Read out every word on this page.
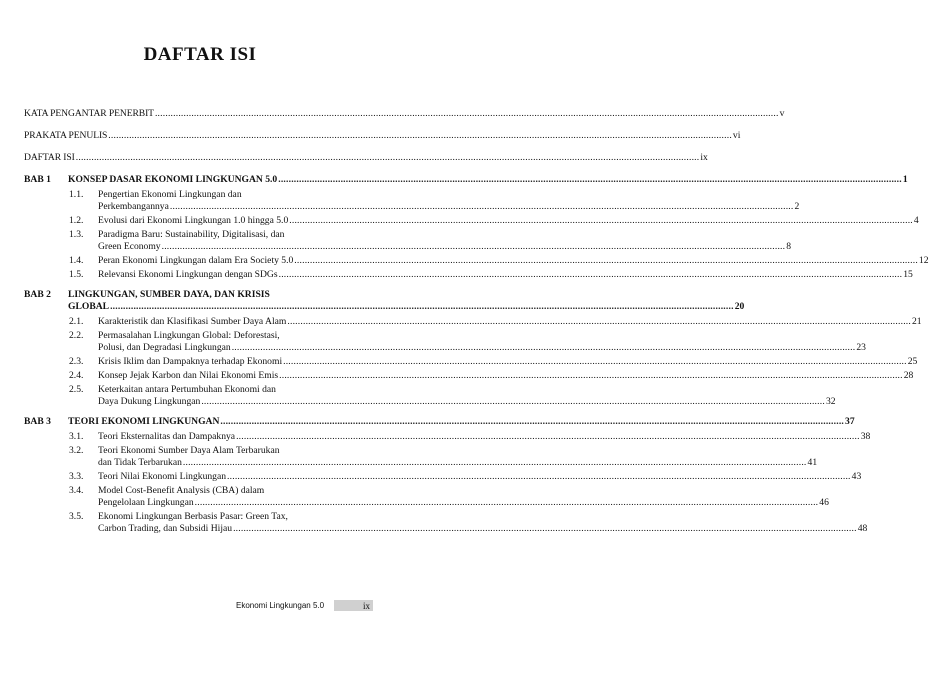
DAFTAR ISI
KATA PENGANTAR PENERBIT .....	v
PRAKATA PENULIS .....	vi
DAFTAR ISI .....	ix
BAB 1	KONSEP DASAR EKONOMI LINGKUNGAN 5.0 .....	1
1.1.	Pengertian Ekonomi Lingkungan dan
Perkembangannya .....	2
1.2.	Evolusi dari Ekonomi Lingkungan 1.0 hingga 5.0 .....	4
1.3.	Paradigma Baru: Sustainability, Digitalisasi, dan
Green Economy .....	8
1.4.	Peran Ekonomi Lingkungan dalam Era Society 5.0 .....	12
1.5.	Relevansi Ekonomi Lingkungan dengan SDGs .....	15
BAB 2	LINGKUNGAN, SUMBER DAYA, DAN KRISIS
GLOBAL .....	20
2.1.	Karakteristik dan Klasifikasi Sumber Daya Alam .....	21
2.2.	Permasalahan Lingkungan Global: Deforestasi,
Polusi, dan Degradasi Lingkungan .....	23
2.3.	Krisis Iklim dan Dampaknya terhadap Ekonomi .....	25
2.4.	Konsep Jejak Karbon dan Nilai Ekonomi Emis .....	28
2.5.	Keterkaitan antara Pertumbuhan Ekonomi dan
Daya Dukung Lingkungan .....	32
BAB 3	TEORI EKONOMI LINGKUNGAN .....	37
3.1.	Teori Eksternalitas dan Dampaknya .....	38
3.2.	Teori Ekonomi Sumber Daya Alam Terbarukan
dan Tidak Terbarukan .....	41
3.3.	Teori Nilai Ekonomi Lingkungan .....	43
3.4.	Model Cost-Benefit Analysis (CBA) dalam
Pengelolaan Lingkungan .....	46
3.5.	Ekonomi Lingkungan Berbasis Pasar: Green Tax,
Carbon Trading, dan Subsidi Hijau .....	48
Ekonomi Lingkungan 5.0	ix
